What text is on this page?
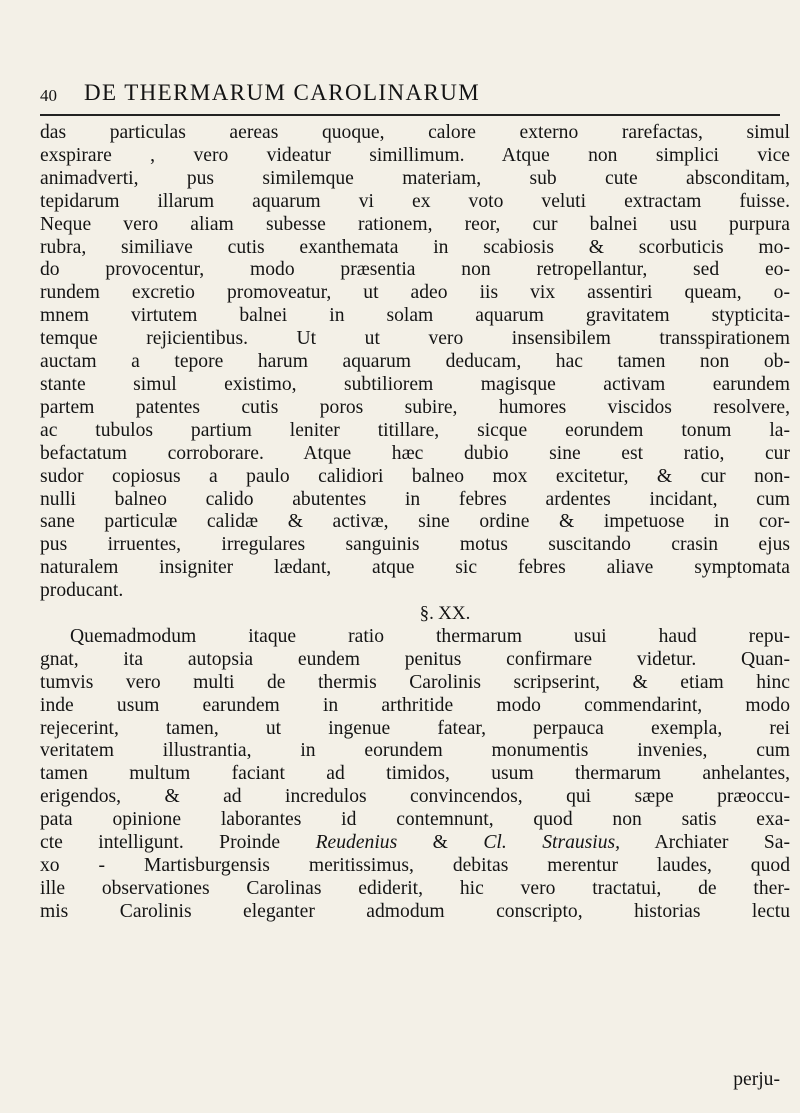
40 DE THERMARUM CAROLINARUM
das particulas aereas quoque, calore externo rarefactas, simul
exspirare , vero videatur simillimum. Atque non simplici vice
animadverti, pus similemque materiam, sub cute absconditam,
tepidarum illarum aquarum vi ex voto veluti extractam fuisse.
Neque vero aliam subesse rationem, reor, cur balnei usu purpura
rubra, similiave cutis exanthemata in scabiosis & scorbuticis mo-
do provocentur, modo præsentia non retropellantur, sed eo-
rundem excretio promoveatur, ut adeo iis vix assentiri queam, o-
mnem virtutem balnei in solam aquarum gravitatem stypticita-
temque rejicientibus. Ut ut vero insensibilem transspirationem
auctam a tepore harum aquarum deducam, hac tamen non ob-
stante simul existimo, subtiliorem magisque activam earundem
partem patentes cutis poros subire, humores viscidos resolvere,
ac tubulos partium leniter titillare, sicque eorundem tonum la-
befactatum corroborare. Atque hæc dubio sine est ratio, cur
sudor copiosus a paulo calidiori balneo mox excitetur, & cur non-
nulli balneo calido abutentes in febres ardentes incidant, cum
sane particulæ calidæ & activæ, sine ordine & impetuose in cor-
pus irruentes, irregulares sanguinis motus suscitando crasin ejus
naturalem insigniter lædant, atque sic febres aliave symptomata
producant.
§. XX.
Quemadmodum itaque ratio thermarum usui haud repu-
gnat, ita autopsia eundem penitus confirmare videtur. Quan-
tumvis vero multi de thermis Carolinis scripserint, & etiam hinc
inde usum earundem in arthritide modo commendarint, modo
rejecerint, tamen, ut ingenue fatear, perpauca exempla, rei
veritatem illustrantia, in eorundem monumentis invenies, cum
tamen multum faciant ad timidos, usum thermarum anhelantes,
erigendos, & ad incredulos convincendos, qui sæpe præoccu-
pata opinione laborantes id contemnunt, quod non satis exa-
cte intelligunt. Proinde Reudenius & Cl. Strausius, Archiater Sa-
xo - Martisburgensis meritissimus, debitas merentur laudes, quod
ille observationes Carolinas ediderit, hic vero tractatui, de ther-
mis Carolinis eleganter admodum conscripto, historias lectu
perju-
